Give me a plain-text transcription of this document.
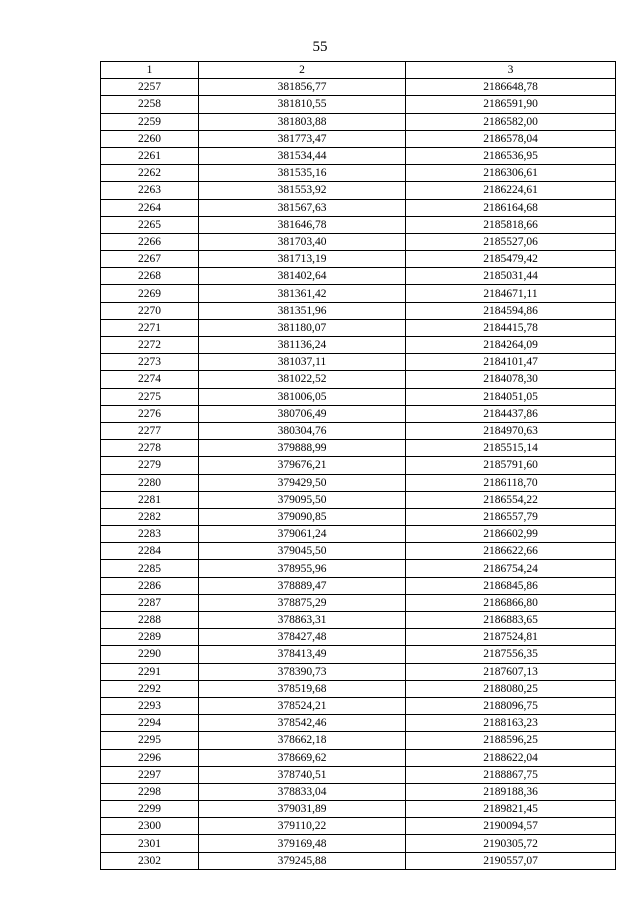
55
1	2	3
2257	381856,77	2186648,78
2258	381810,55	2186591,90
2259	381803,88	2186582,00
2260	381773,47	2186578,04
2261	381534,44	2186536,95
2262	381535,16	2186306,61
2263	381553,92	2186224,61
2264	381567,63	2186164,68
2265	381646,78	2185818,66
2266	381703,40	2185527,06
2267	381713,19	2185479,42
2268	381402,64	2185031,44
2269	381361,42	2184671,11
2270	381351,96	2184594,86
2271	381180,07	2184415,78
2272	381136,24	2184264,09
2273	381037,11	2184101,47
2274	381022,52	2184078,30
2275	381006,05	2184051,05
2276	380706,49	2184437,86
2277	380304,76	2184970,63
2278	379888,99	2185515,14
2279	379676,21	2185791,60
2280	379429,50	2186118,70
2281	379095,50	2186554,22
2282	379090,85	2186557,79
2283	379061,24	2186602,99
2284	379045,50	2186622,66
2285	378955,96	2186754,24
2286	378889,47	2186845,86
2287	378875,29	2186866,80
2288	378863,31	2186883,65
2289	378427,48	2187524,81
2290	378413,49	2187556,35
2291	378390,73	2187607,13
2292	378519,68	2188080,25
2293	378524,21	2188096,75
2294	378542,46	2188163,23
2295	378662,18	2188596,25
2296	378669,62	2188622,04
2297	378740,51	2188867,75
2298	378833,04	2189188,36
2299	379031,89	2189821,45
2300	379110,22	2190094,57
2301	379169,48	2190305,72
2302	379245,88	2190557,07
